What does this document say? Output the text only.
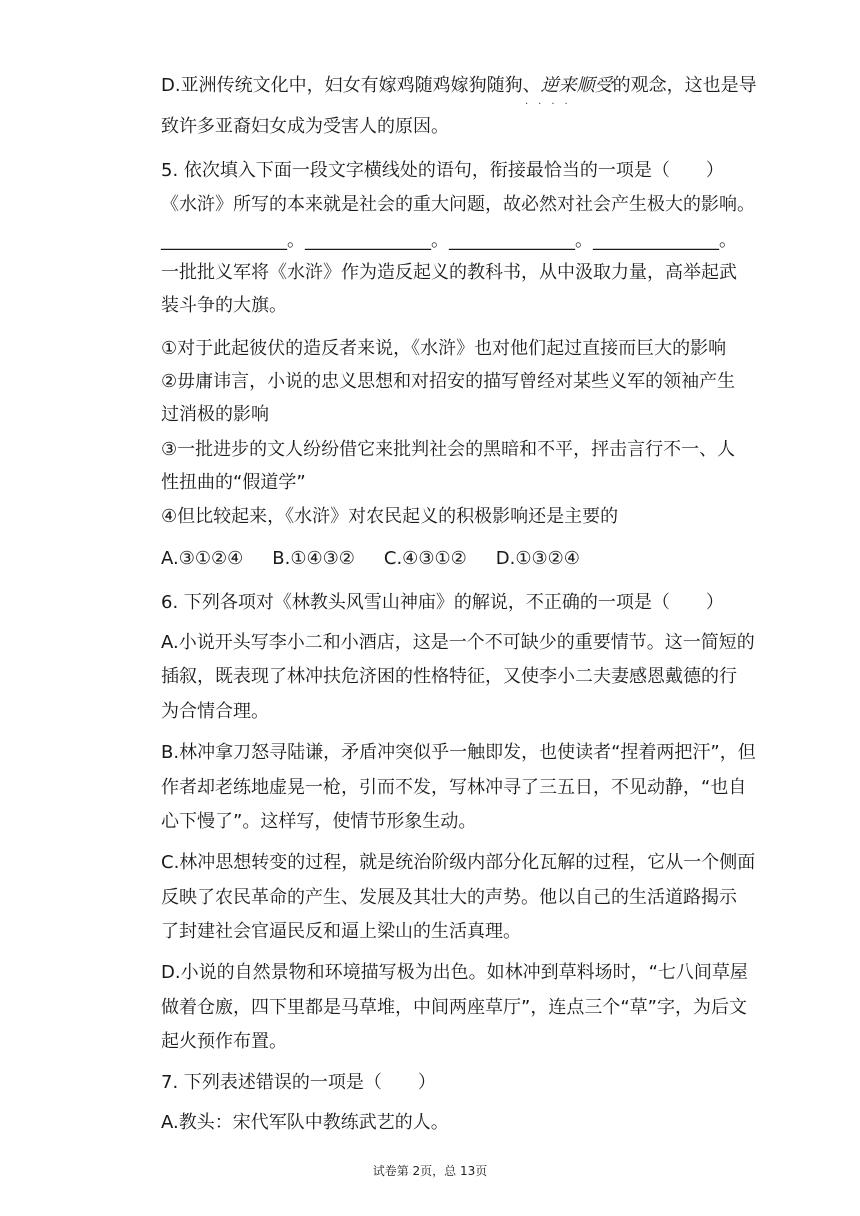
D.亚洲传统文化中，妇女有嫁鸡随鸡嫁狗随狗、逆来顺受的观念，这也是导
····
致许多亚裔妇女成为受害人的原因。
5. 依次填入下面一段文字横线处的语句，衔接最恰当的一项是（　　）
《水浒》所写的本来就是社会的重大问题，故必然对社会产生极大的影响。
______________。______________。______________。______________。
一批批义军将《水浒》作为造反起义的教科书，从中汲取力量，高举起武
装斗争的大旗。
①对于此起彼伏的造反者来说，《水浒》也对他们起过直接而巨大的影响
②毋庸讳言，小说的忠义思想和对招安的描写曾经对某些义军的领袖产生
过消极的影响
③一批进步的文人纷纷借它来批判社会的黑暗和不平，抨击言行不一、人
性扭曲的“假道学”
④但比较起来，《水浒》对农民起义的积极影响还是主要的
A.③①②④ B.①④③② C.④③①② D.①③②④
6. 下列各项对《林教头风雪山神庙》的解说，不正确的一项是（　　）
A.小说开头写李小二和小酒店，这是一个不可缺少的重要情节。这一简短的
插叙，既表现了林冲扶危济困的性格特征，又使李小二夫妻感恩戴德的行
为合情合理。
B.林冲拿刀怒寻陆谦，矛盾冲突似乎一触即发，也使读者“捏着两把汗”，但
作者却老练地虚晃一枪，引而不发，写林冲寻了三五日，不见动静，“也自
心下慢了”。这样写，使情节形象生动。
C.林冲思想转变的过程，就是统治阶级内部分化瓦解的过程，它从一个侧面
反映了农民革命的产生、发展及其壮大的声势。他以自己的生活道路揭示
了封建社会官逼民反和逼上梁山的生活真理。
D.小说的自然景物和环境描写极为出色。如林冲到草料场时，“七八间草屋
做着仓廒，四下里都是马草堆，中间两座草厅”，连点三个“草”字，为后文
起火预作布置。
7. 下列表述错误的一项是（　　）
A.教头：宋代军队中教练武艺的人。
试卷第 2页，总 13页
